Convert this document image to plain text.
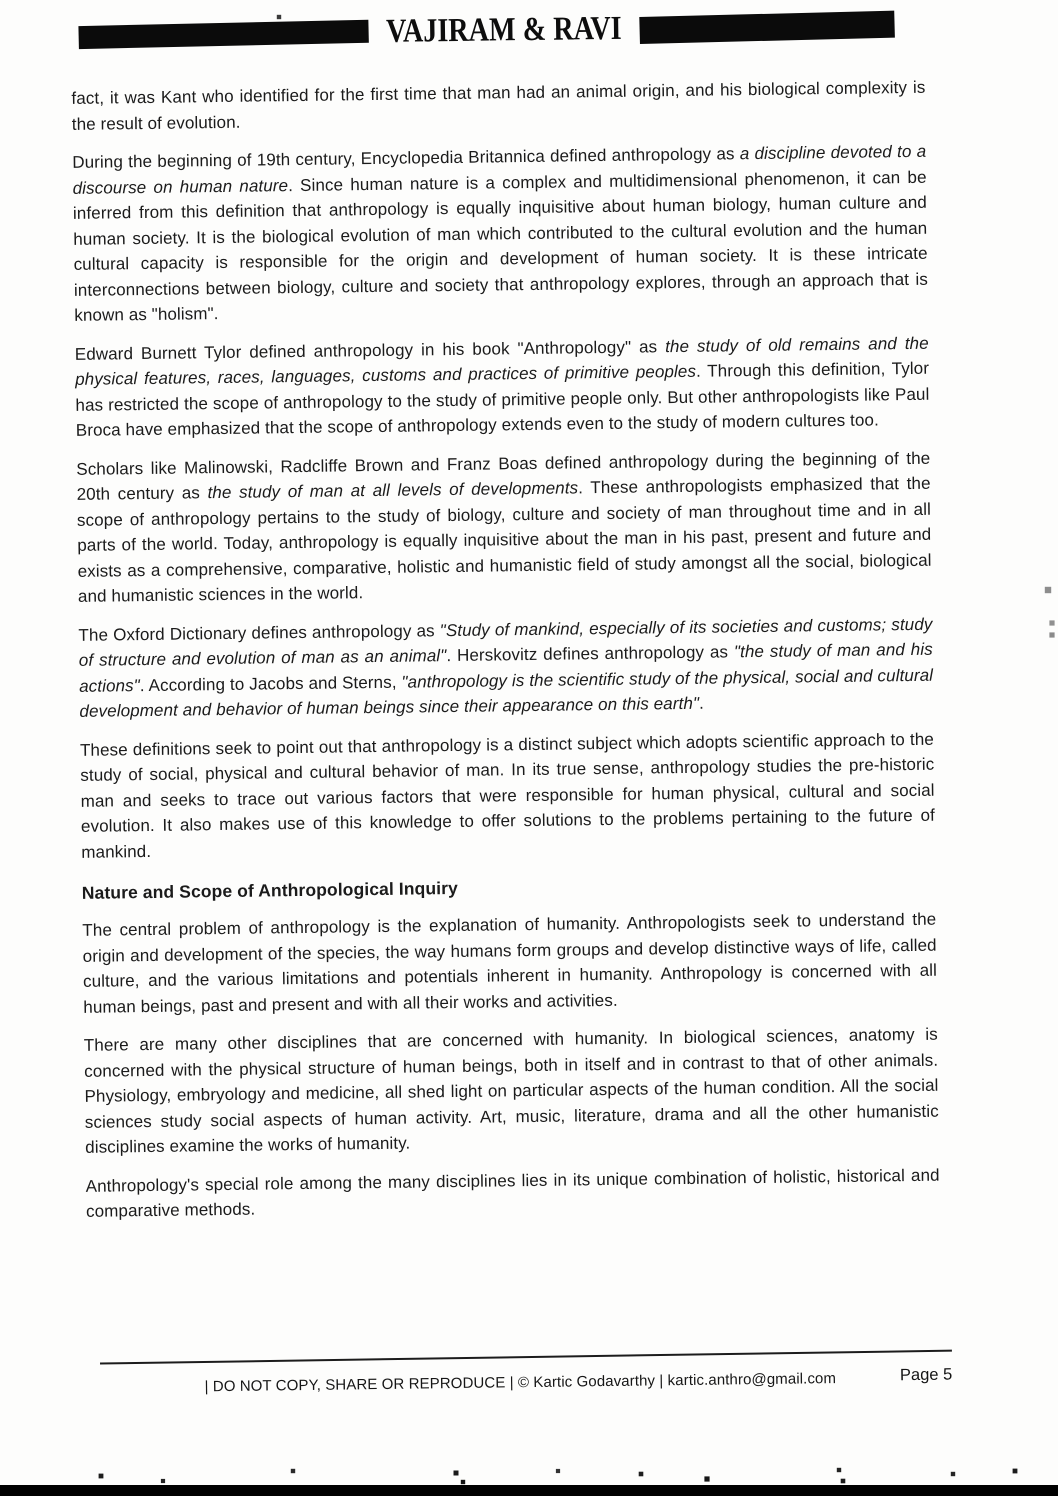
VAJIRAM & RAVI

fact, it was Kant who identified for the first time that man had an animal origin, and his biological complexity is the result of evolution.

During the beginning of 19th century, Encyclopedia Britannica defined anthropology as a discipline devoted to a discourse on human nature. Since human nature is a complex and multidimensional phenomenon, it can be inferred from this definition that anthropology is equally inquisitive about human biology, human culture and human society. It is the biological evolution of man which contributed to the cultural evolution and the human cultural capacity is responsible for the origin and development of human society. It is these intricate interconnections between biology, culture and society that anthropology explores, through an approach that is known as "holism".

Edward Burnett Tylor defined anthropology in his book "Anthropology" as the study of old remains and the physical features, races, languages, customs and practices of primitive peoples. Through this definition, Tylor has restricted the scope of anthropology to the study of primitive people only. But other anthropologists like Paul Broca have emphasized that the scope of anthropology extends even to the study of modern cultures too.

Scholars like Malinowski, Radcliffe Brown and Franz Boas defined anthropology during the beginning of the 20th century as the study of man at all levels of developments. These anthropologists emphasized that the scope of anthropology pertains to the study of biology, culture and society of man throughout time and in all parts of the world. Today, anthropology is equally inquisitive about the man in his past, present and future and exists as a comprehensive, comparative, holistic and humanistic field of study amongst all the social, biological and humanistic sciences in the world.

The Oxford Dictionary defines anthropology as "Study of mankind, especially of its societies and customs; study of structure and evolution of man as an animal". Herskovitz defines anthropology as "the study of man and his actions". According to Jacobs and Sterns, "anthropology is the scientific study of the physical, social and cultural development and behavior of human beings since their appearance on this earth".

These definitions seek to point out that anthropology is a distinct subject which adopts scientific approach to the study of social, physical and cultural behavior of man. In its true sense, anthropology studies the pre-historic man and seeks to trace out various factors that were responsible for human physical, cultural and social evolution. It also makes use of this knowledge to offer solutions to the problems pertaining to the future of mankind.

Nature and Scope of Anthropological Inquiry

The central problem of anthropology is the explanation of humanity. Anthropologists seek to understand the origin and development of the species, the way humans form groups and develop distinctive ways of life, called culture, and the various limitations and potentials inherent in humanity. Anthropology is concerned with all human beings, past and present and with all their works and activities.

There are many other disciplines that are concerned with humanity. In biological sciences, anatomy is concerned with the physical structure of human beings, both in itself and in contrast to that of other animals. Physiology, embryology and medicine, all shed light on particular aspects of the human condition. All the social sciences study social aspects of human activity. Art, music, literature, drama and all the other humanistic disciplines examine the works of humanity.

Anthropology's special role among the many disciplines lies in its unique combination of holistic, historical and comparative methods.

| DO NOT COPY, SHARE OR REPRODUCE | © Kartic Godavarthy | kartic.anthro@gmail.com	Page 5
